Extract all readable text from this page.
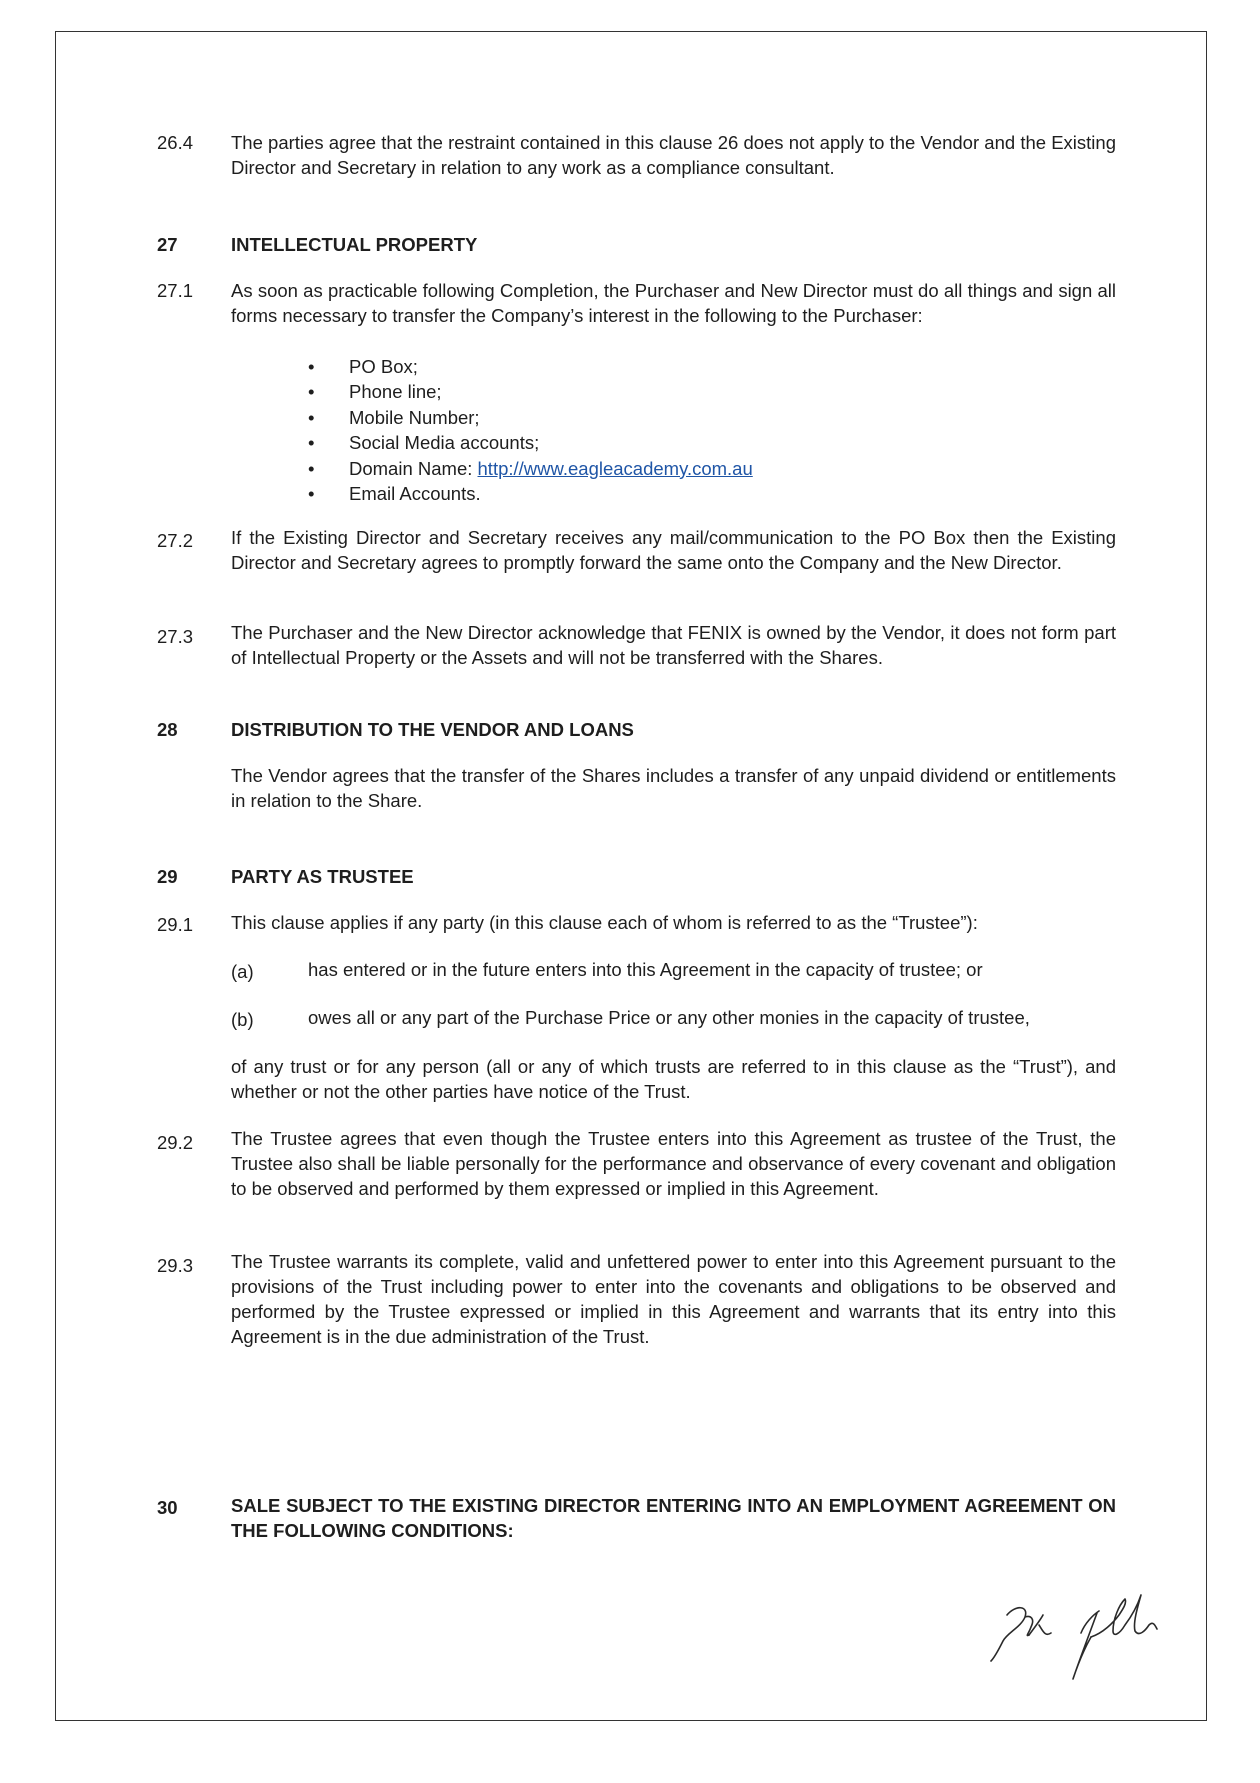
26.4 The parties agree that the restraint contained in this clause 26 does not apply to the Vendor and the Existing Director and Secretary in relation to any work as a compliance consultant.
27	INTELLECTUAL PROPERTY
27.1 As soon as practicable following Completion, the Purchaser and New Director must do all things and sign all forms necessary to transfer the Company’s interest in the following to the Purchaser:
• PO Box;
• Phone line;
• Mobile Number;
• Social Media accounts;
• Domain Name: http://www.eagleacademy.com.au
• Email Accounts.
27.2 If the Existing Director and Secretary receives any mail/communication to the PO Box then the Existing Director and Secretary agrees to promptly forward the same onto the Company and the New Director.
27.3 The Purchaser and the New Director acknowledge that FENIX is owned by the Vendor, it does not form part of Intellectual Property or the Assets and will not be transferred with the Shares.
28	DISTRIBUTION TO THE VENDOR AND LOANS
The Vendor agrees that the transfer of the Shares includes a transfer of any unpaid dividend or entitlements in relation to the Share.
29	PARTY AS TRUSTEE
29.1 This clause applies if any party (in this clause each of whom is referred to as the “Trustee”):
(a)	has entered or in the future enters into this Agreement in the capacity of trustee; or
(b)	owes all or any part of the Purchase Price or any other monies in the capacity of trustee,
of any trust or for any person (all or any of which trusts are referred to in this clause as the “Trust”), and whether or not the other parties have notice of the Trust.
29.2 The Trustee agrees that even though the Trustee enters into this Agreement as trustee of the Trust, the Trustee also shall be liable personally for the performance and observance of every covenant and obligation to be observed and performed by them expressed or implied in this Agreement.
29.3 The Trustee warrants its complete, valid and unfettered power to enter into this Agreement pursuant to the provisions of the Trust including power to enter into the covenants and obligations to be observed and performed by the Trustee expressed or implied in this Agreement and warrants that its entry into this Agreement is in the due administration of the Trust.
30	SALE SUBJECT TO THE EXISTING DIRECTOR ENTERING INTO AN EMPLOYMENT AGREEMENT ON THE FOLLOWING CONDITIONS:
